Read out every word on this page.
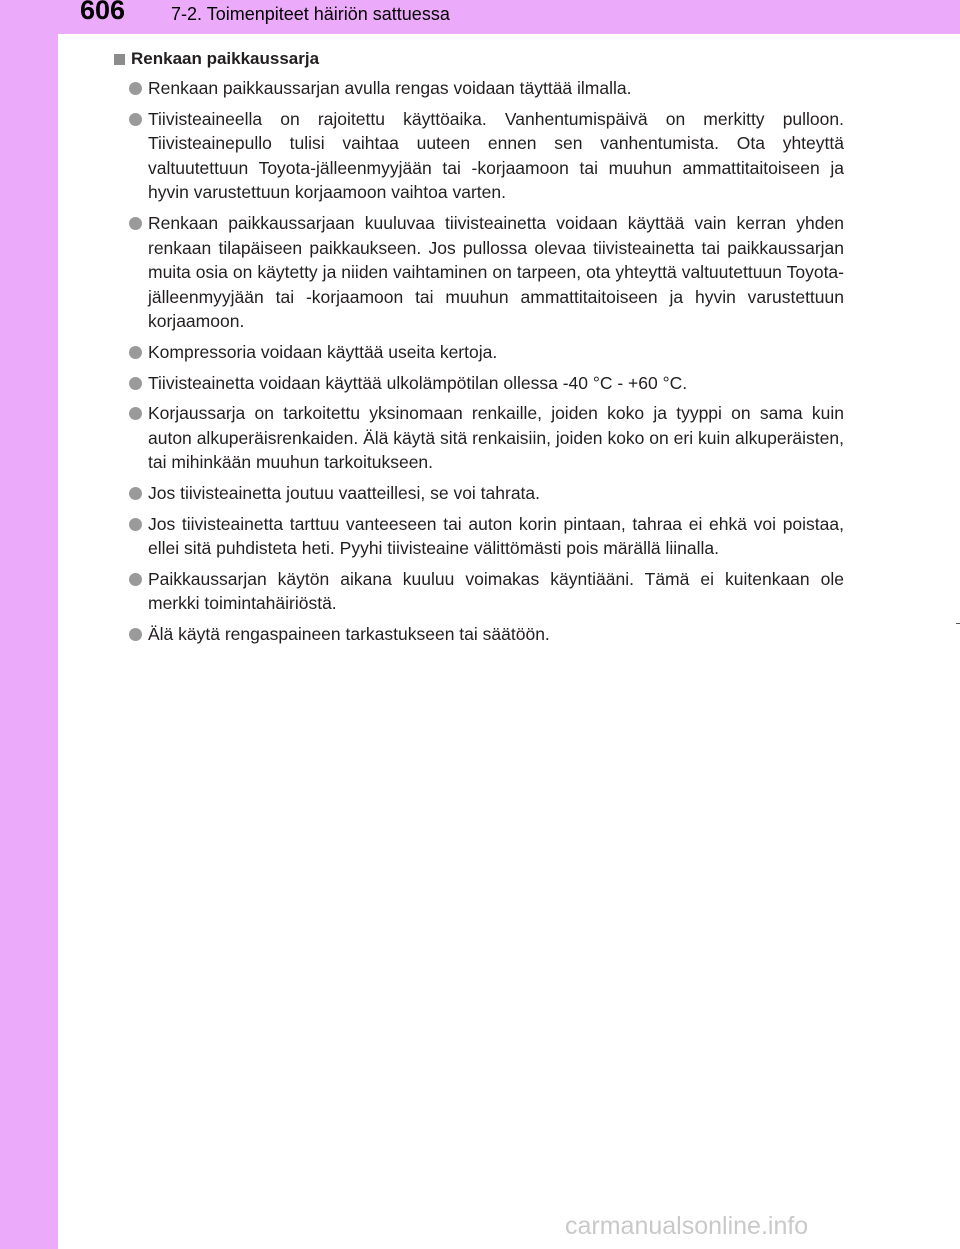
606	7-2. Toimenpiteet häiriön sattuessa
Renkaan paikkaussarja
Renkaan paikkaussarjan avulla rengas voidaan täyttää ilmalla.
Tiivisteaineella on rajoitettu käyttöaika. Vanhentumispäivä on merkitty pulloon. Tiivisteainepullo tulisi vaihtaa uuteen ennen sen vanhentumista. Ota yhteyttä valtuutettuun Toyota-jälleenmyyjään tai -korjaamoon tai muuhun ammattitaitoiseen ja hyvin varustettuun korjaamoon vaihtoa varten.
Renkaan paikkaussarjaan kuuluvaa tiivisteainetta voidaan käyttää vain kerran yhden renkaan tilapäiseen paikkaukseen. Jos pullossa olevaa tiivisteainetta tai paikkaussarjan muita osia on käytetty ja niiden vaihtaminen on tarpeen, ota yhteyttä valtuutettuun Toyota-jälleenmyyjään tai -korjaamoon tai muuhun ammattitaitoiseen ja hyvin varustettuun korjaamoon.
Kompressoria voidaan käyttää useita kertoja.
Tiivisteainetta voidaan käyttää ulkolämpötilan ollessa -40 °C - +60 °C.
Korjaussarja on tarkoitettu yksinomaan renkaille, joiden koko ja tyyppi on sama kuin auton alkuperäisrenkaiden. Älä käytä sitä renkaisiin, joiden koko on eri kuin alkuperäisten, tai mihinkään muuhun tarkoitukseen.
Jos tiivisteainetta joutuu vaatteillesi, se voi tahrata.
Jos tiivisteainetta tarttuu vanteeseen tai auton korin pintaan, tahraa ei ehkä voi poistaa, ellei sitä puhdisteta heti. Pyyhi tiivisteaine välittömästi pois märällä liinalla.
Paikkaussarjan käytön aikana kuuluu voimakas käyntiääni. Tämä ei kuitenkaan ole merkki toimintahäiriöstä.
Älä käytä rengaspaineen tarkastukseen tai säätöön.
carmanualsonline.info
